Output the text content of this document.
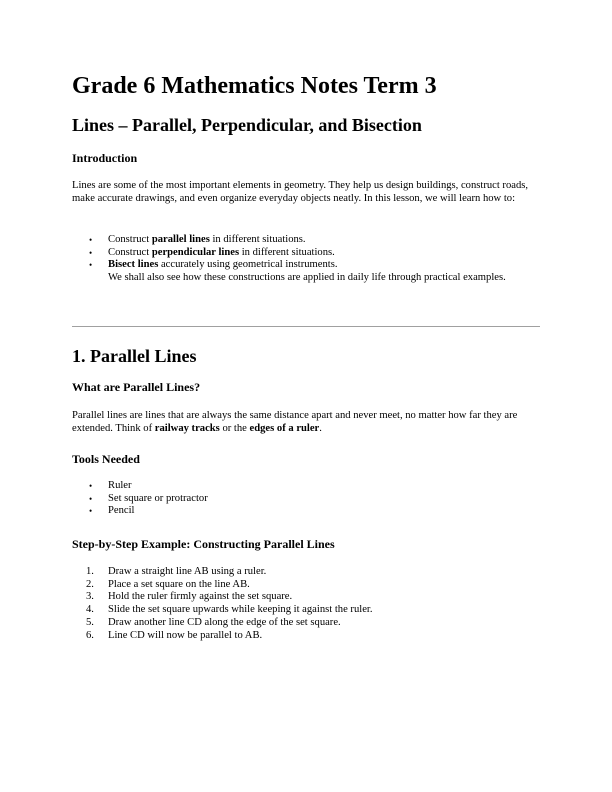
Grade 6 Mathematics Notes Term 3
Lines – Parallel, Perpendicular, and Bisection
Introduction

Lines are some of the most important elements in geometry. They help us design buildings, construct roads, make accurate drawings, and even organize everyday objects neatly. In this lesson, we will learn how to:

• Construct parallel lines in different situations.
• Construct perpendicular lines in different situations.
• Bisect lines accurately using geometrical instruments.
We shall also see how these constructions are applied in daily life through practical examples.
1. Parallel Lines
What are Parallel Lines?

Parallel lines are lines that are always the same distance apart and never meet, no matter how far they are extended. Think of railway tracks or the edges of a ruler.

Tools Needed
• Ruler
• Set square or protractor
• Pencil
Step-by-Step Example: Constructing Parallel Lines
1.	Draw a straight line AB using a ruler.
2.	Place a set square on the line AB.
3.	Hold the ruler firmly against the set square.
4.	Slide the set square upwards while keeping it against the ruler.
5.	Draw another line CD along the edge of the set square.
6.	Line CD will now be parallel to AB.
